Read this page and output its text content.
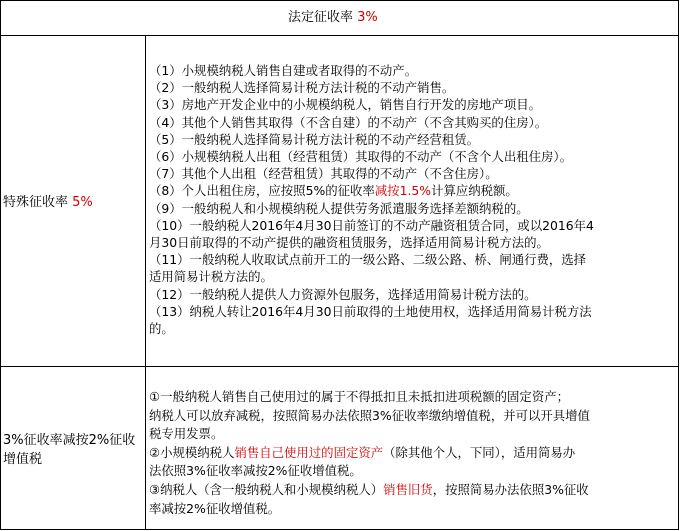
法定征收率 3%
特殊征收率 5%
（1）小规模纳税人销售自建或者取得的不动产。
（2）一般纳税人选择简易计税方法计税的不动产销售。
（3）房地产开发企业中的小规模纳税人，销售自行开发的房地产项目。
（4）其他个人销售其取得（不含自建）的不动产（不含其购买的住房）。
（5）一般纳税人选择简易计税方法计税的不动产经营租赁。
（6）小规模纳税人出租（经营租赁）其取得的不动产（不含个人出租住房）。
（7）其他个人出租（经营租赁）其取得的不动产（不含住房）。
（8）个人出租住房，应按照5%的征收率减按1.5%计算应纳税额。
（9）一般纳税人和小规模纳税人提供劳务派遣服务选择差额纳税的。
（10）一般纳税人2016年4月30日前签订的不动产融资租赁合同，或以2016年4
月30日前取得的不动产提供的融资租赁服务，选择适用简易计税方法的。
（11）一般纳税人收取试点前开工的一级公路、二级公路、桥、闸通行费，选择
适用简易计税方法的。
（12）一般纳税人提供人力资源外包服务，选择适用简易计税方法的。
（13）纳税人转让2016年4月30日前取得的土地使用权，选择适用简易计税方法
的。
3%征收率减按2%征收
增值税
①一般纳税人销售自己使用过的属于不得抵扣且未抵扣进项税额的固定资产；
纳税人可以放弃减税，按照简易办法依照3%征收率缴纳增值税，并可以开具增值
税专用发票。
②小规模纳税人销售自己使用过的固定资产（除其他个人，下同），适用简易办
法依照3%征收率减按2%征收增值税。
③纳税人（含一般纳税人和小规模纳税人）销售旧货，按照简易办法依照3%征收
率减按2%征收增值税。
